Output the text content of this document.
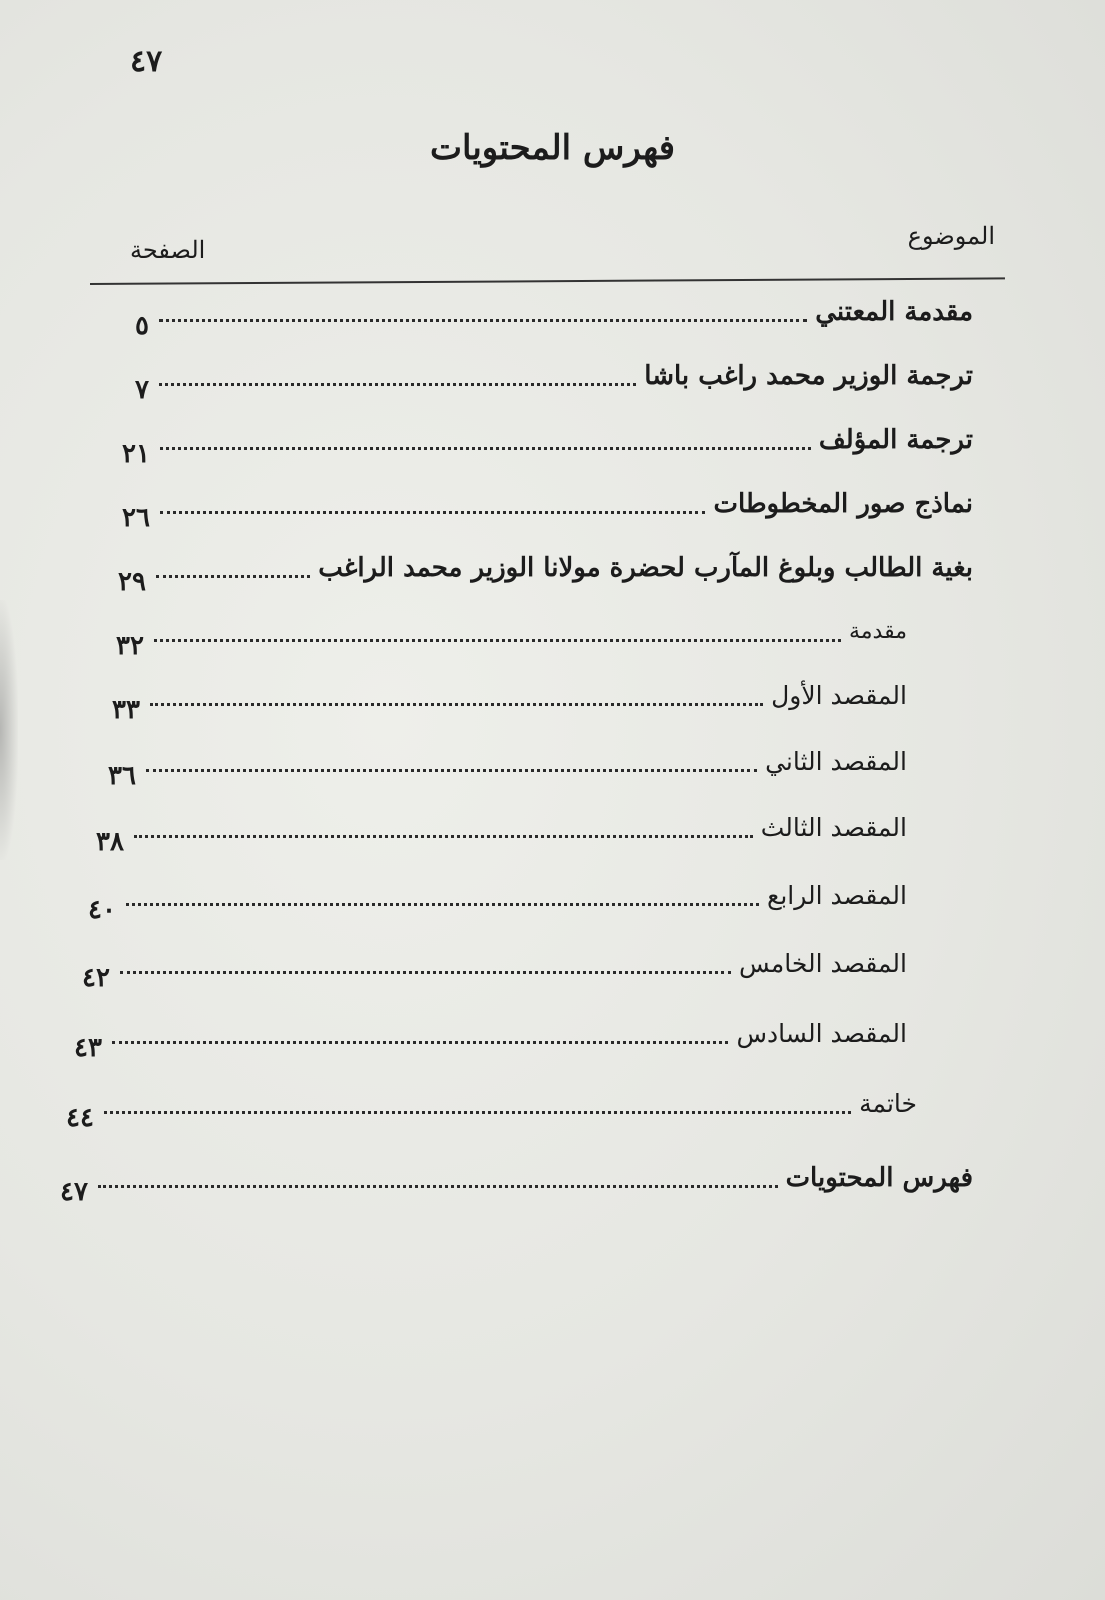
٤٧
فهرس المحتويات
الموضوع
الصفحة
مقدمة المعتني
٥
ترجمة الوزير محمد راغب باشا
٧
ترجمة المؤلف
٢١
نماذج صور المخطوطات
٢٦
بغية الطالب وبلوغ المآرب لحضرة مولانا الوزير محمد الراغب
٢٩
مقدمة
٣٢
المقصد الأول
٣٣
المقصد الثاني
٣٦
المقصد الثالث
٣٨
المقصد الرابع
٤٠
المقصد الخامس
٤٢
المقصد السادس
٤٣
خاتمة
٤٤
فهرس المحتويات
٤٧
